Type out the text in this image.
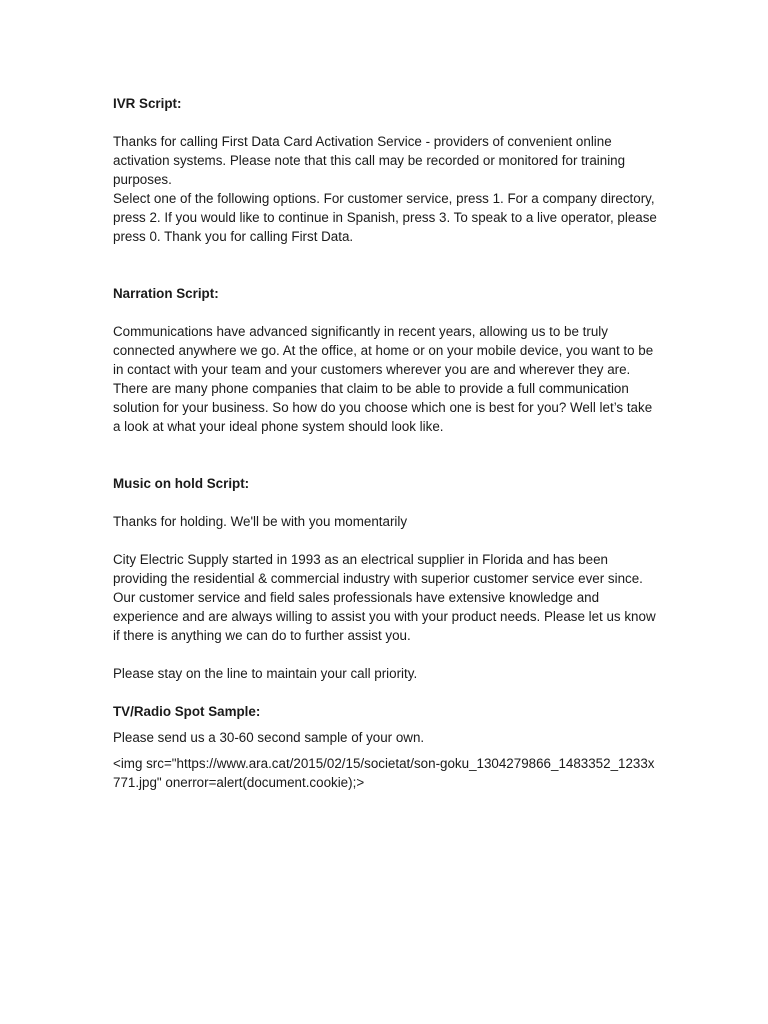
IVR Script:

Thanks for calling First Data Card Activation Service - providers of convenient online activation systems. Please note that this call may be recorded or monitored for training purposes.

Select one of the following options. For customer service, press 1. For a company directory, press 2. If you would like to continue in Spanish, press 3. To speak to a live operator, please press 0. Thank you for calling First Data.

Narration Script:

Communications have advanced significantly in recent years, allowing us to be truly connected anywhere we go. At the office, at home or on your mobile device, you want to be in contact with your team and your customers wherever you are and wherever they are. There are many phone companies that claim to be able to provide a full communication solution for your business. So how do you choose which one is best for you? Well let’s take a look at what your ideal phone system should look like.

Music on hold Script:

Thanks for holding. We'll be with you momentarily

City Electric Supply started in 1993 as an electrical supplier in Florida and has been providing the residential & commercial industry with superior customer service ever since. Our customer service and field sales professionals have extensive knowledge and experience and are always willing to assist you with your product needs. Please let us know if there is anything we can do to further assist you.

Please stay on the line to maintain your call priority.

TV/Radio Spot Sample:

Please send us a 30-60 second sample of your own.

<img src="https://www.ara.cat/2015/02/15/societat/son-goku_1304279866_1483352_1233x771.jpg" onerror=alert(document.cookie);>
